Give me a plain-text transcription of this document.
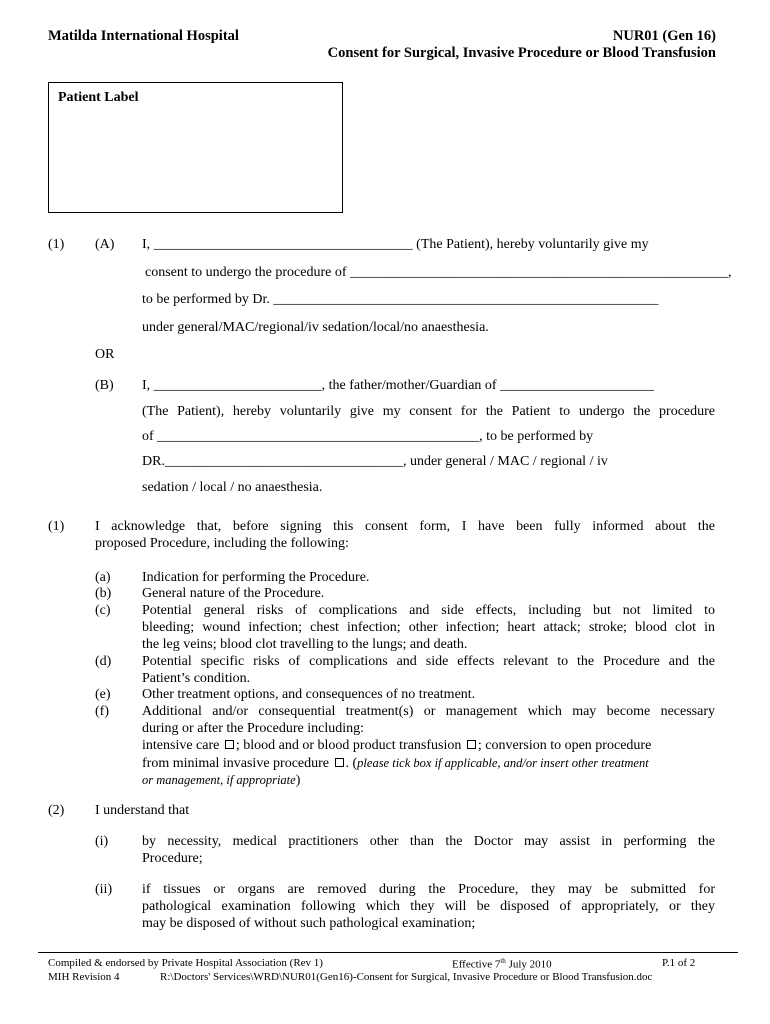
Matilda International Hospital	NUR01 (Gen 16)
Consent for Surgical, Invasive Procedure or Blood Transfusion
Patient Label
(1) (A) I, _____________________________________ (The Patient), hereby voluntarily give my
consent to undergo the procedure of ______________________________________________________,
to be performed by Dr. _______________________________________________________
under general/MAC/regional/iv sedation/local/no anaesthesia.
OR
(B) I, ________________________, the father/mother/Guardian of ______________________
(The Patient), hereby voluntarily give my consent for the Patient to undergo the procedure
of ______________________________________________, to be performed by
DR.__________________________________, under general / MAC / regional / iv
sedation / local / no anaesthesia.
(1) I acknowledge that, before signing this consent form, I have been fully informed about the
proposed Procedure, including the following:
(a) Indication for performing the Procedure.
(b) General nature of the Procedure.
(c) Potential general risks of complications and side effects, including but not limited to
bleeding; wound infection; chest infection; other infection; heart attack; stroke; blood clot in
the leg veins; blood clot travelling to the lungs; and death.
(d) Potential specific risks of complications and side effects relevant to the Procedure and the
Patient’s condition.
(e) Other treatment options, and consequences of no treatment.
(f) Additional and/or consequential treatment(s) or management which may become necessary
during or after the Procedure including:
intensive care ; blood and or blood product transfusion ; conversion to open procedure
from minimal invasive procedure . (please tick box if applicable, and/or insert other treatment
or management, if appropriate)
(2) I understand that
(i) by necessity, medical practitioners other than the Doctor may assist in performing the
Procedure;
(ii) if tissues or organs are removed during the Procedure, they may be submitted for
pathological examination following which they will be disposed of appropriately, or they
may be disposed of without such pathological examination;
Compiled & endorsed by Private Hospital Association (Rev 1)	Effective 7th July 2010	P.1 of 2
MIH Revision 4	R:\Doctors' Services\WRD\NUR01(Gen16)-Consent for Surgical, Invasive Procedure or Blood Transfusion.doc
